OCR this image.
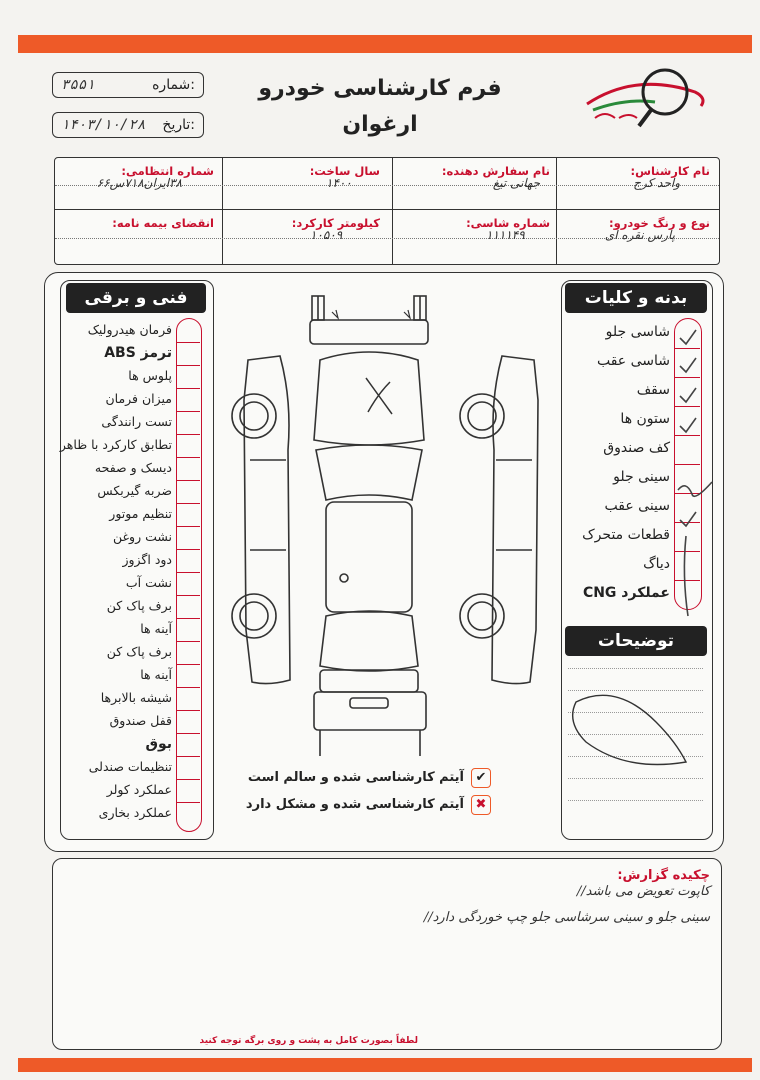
فرم کارشناسی خودرو
ارغوان
شماره:
۳۵۵۱
تاریخ:
۱۴۰۳/۱۰/۲۸
نام کارشناس:
واحد کرج
نام سفارش دهنده:
جهانی تیغ
سال ساخت:
۱۴۰۰
شماره انتظامی:
۳۸ایران۷۱۸س۶۶
نوع و رنگ خودرو:
پارس نقره ای
شماره شاسی:
۱۱۱۱۴۹
کیلومتر کارکرد:
۱۰۵۰۹
انقضای بیمه نامه:
فنی و برقی
فرمان هیدرولیک
ترمز ABS
پلوس ها
میزان فرمان
تست رانندگی
تطابق کارکرد با ظاهر
دیسک و صفحه
ضربه گیربکس
تنظیم موتور
نشت روغن
دود اگزوز
نشت آب
برف پاک کن
آینه ها
برف پاک کن
آینه ها
شیشه بالابرها
قفل صندوق
بوق
تنظیمات صندلی
عملکرد کولر
عملکرد بخاری
بدنه و کلیات
شاسی جلو
شاسی عقب
سقف
ستون ها
کف صندوق
سینی جلو
سینی عقب
قطعات متحرک
دیاگ
عملکرد CNG
توضیحات
✔
آیتم کارشناسی شده و سالم است
✖
آیتم کارشناسی شده و مشکل دارد
چکیده گزارش:
کاپوت تعویض می باشد//
سینی جلو و سینی سرشاسی جلو چپ خوردگی دارد//
لطفاً بصورت کامل به پشت و روی برگه توجه کنید
